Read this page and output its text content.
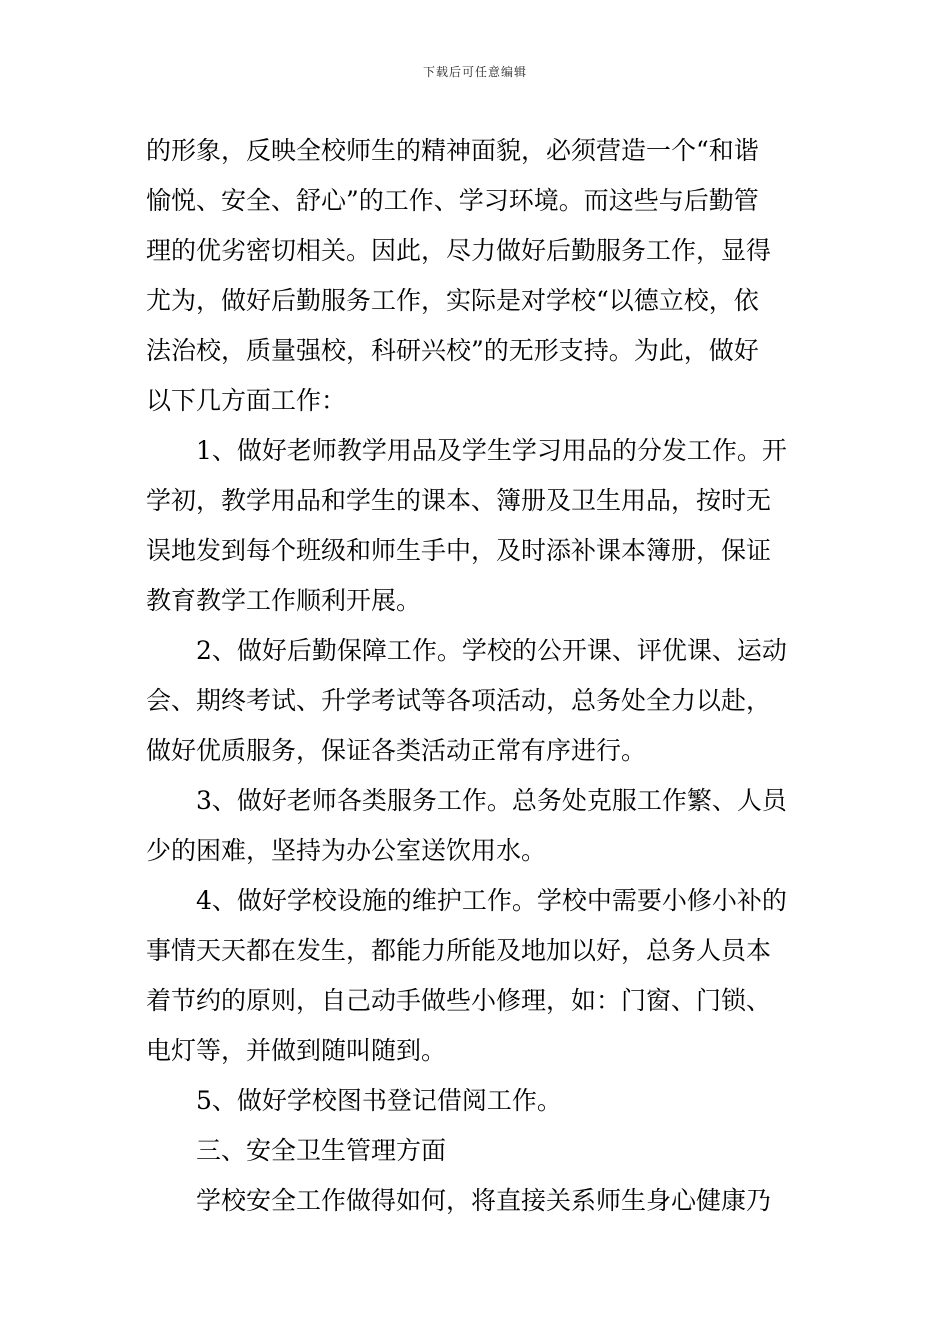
下载后可任意编辑
的形象，反映全校师生的精神面貌，必须营造一个“和谐
愉悦、安全、舒心”的工作、学习环境。而这些与后勤管
理的优劣密切相关。因此，尽力做好后勤服务工作，显得
尤为，做好后勤服务工作，实际是对学校“以德立校，依
法治校，质量强校，科研兴校”的无形支持。为此，做好
以下几方面工作：
1、做好老师教学用品及学生学习用品的分发工作。开
学初，教学用品和学生的课本、簿册及卫生用品，按时无
误地发到每个班级和师生手中，及时添补课本簿册，保证
教育教学工作顺利开展。
2、做好后勤保障工作。学校的公开课、评优课、运动
会、期终考试、升学考试等各项活动，总务处全力以赴，
做好优质服务，保证各类活动正常有序进行。
3、做好老师各类服务工作。总务处克服工作繁、人员
少的困难，坚持为办公室送饮用水。
4、做好学校设施的维护工作。学校中需要小修小补的
事情天天都在发生，都能力所能及地加以好，总务人员本
着节约的原则，自己动手做些小修理，如：门窗、门锁、
电灯等，并做到随叫随到。
5、做好学校图书登记借阅工作。
三、安全卫生管理方面
学校安全工作做得如何，将直接关系师生身心健康乃
